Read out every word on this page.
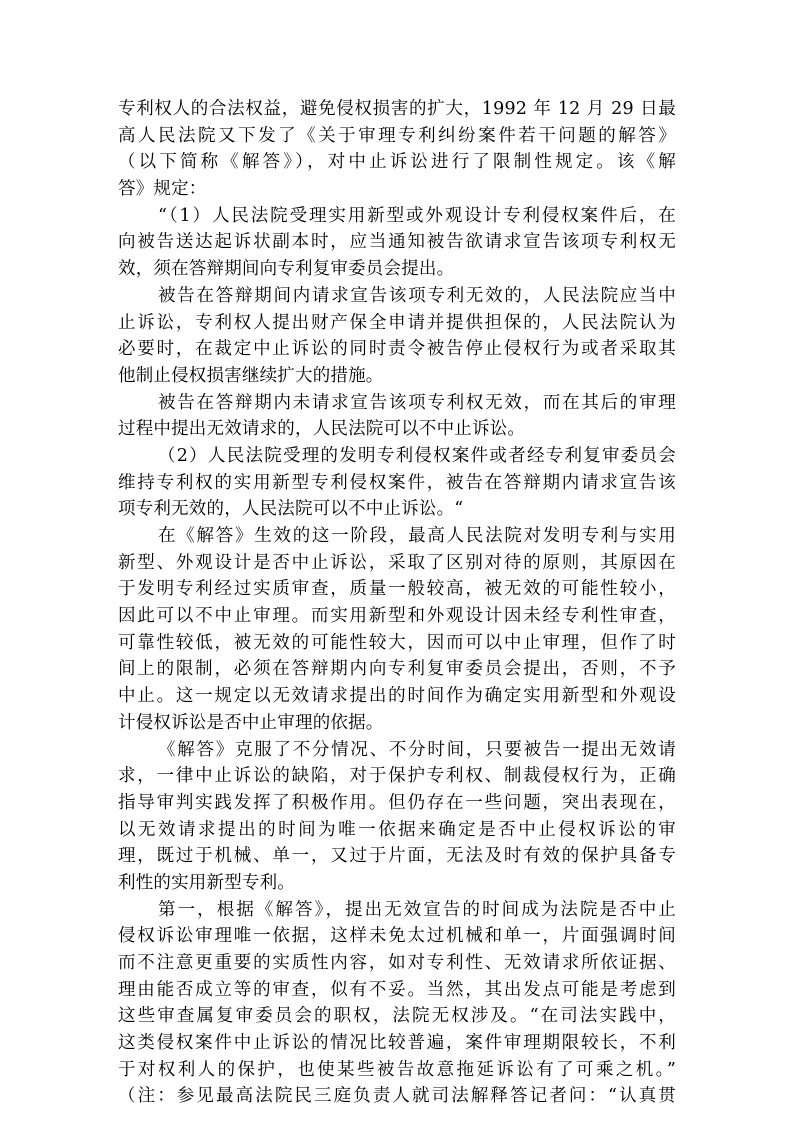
专利权人的合法权益，避免侵权损害的扩大，1992 年 12 月 29 日最
高人民法院又下发了《关于审理专利纠纷案件若干问题的解答》
（以下简称《解答》），对中止诉讼进行了限制性规定。该《解
答》规定：
“（1）人民法院受理实用新型或外观设计专利侵权案件后，在
向被告送达起诉状副本时，应当通知被告欲请求宣告该项专利权无
效，须在答辩期间向专利复审委员会提出。
被告在答辩期间内请求宣告该项专利无效的，人民法院应当中
止诉讼，专利权人提出财产保全申请并提供担保的，人民法院认为
必要时，在裁定中止诉讼的同时责令被告停止侵权行为或者采取其
他制止侵权损害继续扩大的措施。
被告在答辩期内未请求宣告该项专利权无效，而在其后的审理
过程中提出无效请求的，人民法院可以不中止诉讼。
（2）人民法院受理的发明专利侵权案件或者经专利复审委员会
维持专利权的实用新型专利侵权案件，被告在答辩期内请求宣告该
项专利无效的，人民法院可以不中止诉讼。“
在《解答》生效的这一阶段，最高人民法院对发明专利与实用
新型、外观设计是否中止诉讼，采取了区别对待的原则，其原因在
于发明专利经过实质审查，质量一般较高，被无效的可能性较小，
因此可以不中止审理。而实用新型和外观设计因未经专利性审查，
可靠性较低，被无效的可能性较大，因而可以中止审理，但作了时
间上的限制，必须在答辩期内向专利复审委员会提出，否则，不予
中止。这一规定以无效请求提出的时间作为确定实用新型和外观设
计侵权诉讼是否中止审理的依据。
《解答》克服了不分情况、不分时间，只要被告一提出无效请
求，一律中止诉讼的缺陷，对于保护专利权、制裁侵权行为，正确
指导审判实践发挥了积极作用。但仍存在一些问题，突出表现在，
以无效请求提出的时间为唯一依据来确定是否中止侵权诉讼的审
理，既过于机械、单一，又过于片面，无法及时有效的保护具备专
利性的实用新型专利。
第一，根据《解答》，提出无效宣告的时间成为法院是否中止
侵权诉讼审理唯一依据，这样未免太过机械和单一，片面强调时间
而不注意更重要的实质性内容，如对专利性、无效请求所依证据、
理由能否成立等的审查，似有不妥。当然，其出发点可能是考虑到
这些审查属复审委员会的职权，法院无权涉及。“在司法实践中，
这类侵权案件中止诉讼的情况比较普遍，案件审理期限较长，不利
于对权利人的保护，也使某些被告故意拖延诉讼有了可乘之机。”
（注：参见最高法院民三庭负责人就司法解释答记者问：“认真贯
